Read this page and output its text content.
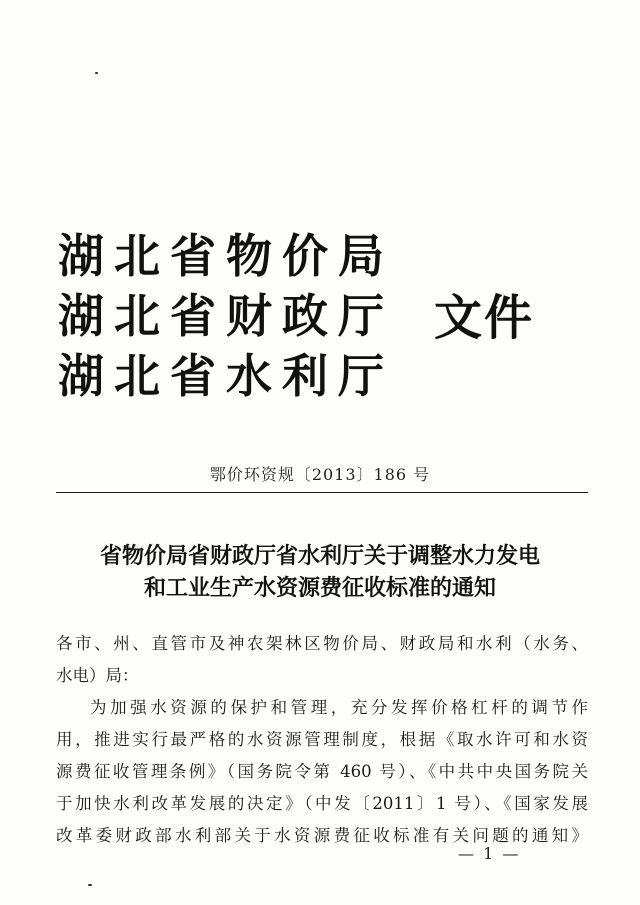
湖北省物价局
湖北省财政厅
湖北省水利厅
文件
鄂价环资规〔2013〕186 号
省物价局省财政厅省水利厅关于调整水力发电
和工业生产水资源费征收标准的通知
各市、州、直管市及神农架林区物价局、财政局和水利（水务、
水电）局：
为加强水资源的保护和管理，充分发挥价格杠杆的调节作
用，推进实行最严格的水资源管理制度，根据《取水许可和水资
源费征收管理条例》（国务院令第 460 号）、《中共中央国务院关
于加快水利改革发展的决定》（中发〔2011〕1 号）、《国家发展
改革委财政部水利部关于水资源费征收标准有关问题的通知》
— 1 —
